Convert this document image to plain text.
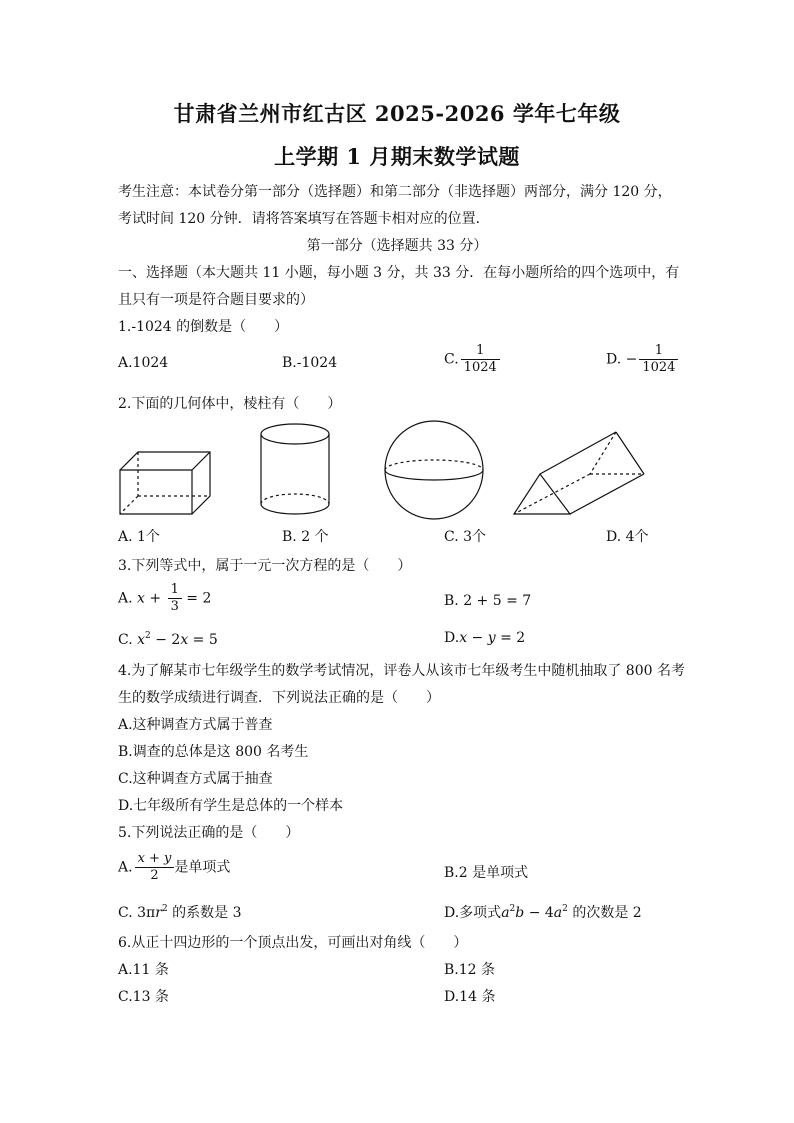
甘肃省兰州市红古区 2025-2026 学年七年级
上学期 1 月期末数学试题
考生注意：本试卷分第一部分（选择题）和第二部分（非选择题）两部分，满分 120 分，
考试时间 120 分钟．请将答案填写在答题卡相对应的位置．
第一部分（选择题共 33 分）
一、选择题（本大题共 11 小题，每小题 3 分，共 33 分．在每小题所给的四个选项中，有
且只有一项是符合题目要求的）
1.-1024 的倒数是（　　）
A.1024	B.-1024	C. $\frac{1}{1024}$	D. − $\frac{1}{1024}$
2.下面的几何体中，棱柱有（　　）
A. 1个	B. 2 个	C. 3个	D. 4个
3.下列等式中，属于一元一次方程的是（　　）
A. $x + \frac{1}{3} = 2$	B. 2 + 5 = 7
C. $x^2 - 2x = 5$	D.x − y = 2
4.为了解某市七年级学生的数学考试情况，评卷人从该市七年级考生中随机抽取了 800 名考
生的数学成绩进行调查．下列说法正确的是（　　）
A.这种调查方式属于普查
B.调查的总体是这 800 名考生
C.这种调查方式属于抽查
D.七年级所有学生是总体的一个样本
5.下列说法正确的是（　　）
A. $\frac{x + y}{2}$ 是单项式	B.2 是单项式
C. $3\pi r^2$ 的系数是 3	D.多项式$a^2b - 4a^2$ 的次数是 2
6.从正十四边形的一个顶点出发，可画出对角线（　　）
A.11 条	B.12 条
C.13 条	D.14 条
